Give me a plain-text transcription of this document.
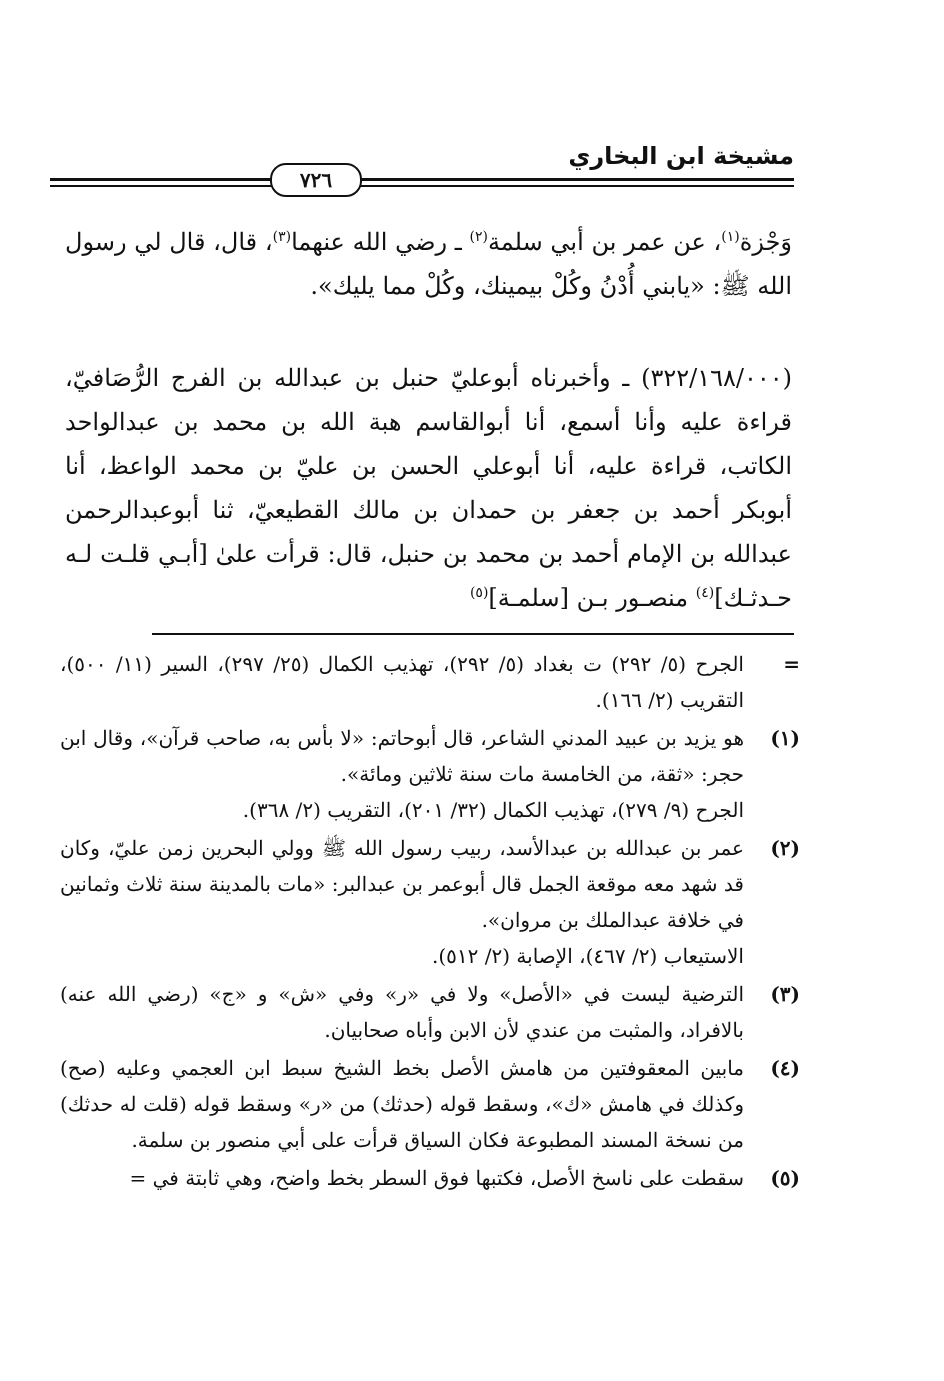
مشيخة ابن البخاري
٧٢٦

وَجْزة$^{(١)}$، عن عمر بن أبي سلمة$^{(٢)}$ ـ رضي الله عنهما$^{(٣)}$، قال، قال لي رسول الله ﷺ: «يابني أُدْنُ وكُلْ بيمينك، وكُلْ مما يليك».

(٣٢٢/١٦٨/٠٠٠) ـ وأخبرناه أبوعليّ حنبل بن عبدالله بن الفرج الرُّصَافيّ، قراءة عليه وأنا أسمع، أنا أبوالقاسم هبة الله بن محمد بن عبدالواحد الكاتب، قراءة عليه، أنا أبوعلي الحسن بن عليّ بن محمد الواعظ، أنا أبوبكر أحمد بن جعفر بن حمدان بن مالك القطيعيّ، ثنا أبوعبدالرحمن عبدالله بن الإمام أحمد بن محمد بن حنبل، قال: قرأت علىٰ [أبـي قلـت لـه حـدثـك]$^{(٤)}$ منصـور بـن [سلمـة]$^{(٥)}$

=
الجرح (٥/ ٢٩٢) ت بغداد (٥/ ٢٩٢)، تهذيب الكمال (٢٥/ ٢٩٧)، السير (١١/ ٥٠٠)، التقريب (٢/ ١٦٦).
(١)
هو يزيد بن عبيد المدني الشاعر، قال أبوحاتم: «لا بأس به، صاحب قرآن»، وقال ابن حجر: «ثقة، من الخامسة مات سنة ثلاثين ومائة».
الجرح (٩/ ٢٧٩)، تهذيب الكمال (٣٢/ ٢٠١)، التقريب (٢/ ٣٦٨).
(٢)
عمر بن عبدالله بن عبدالأسد، ربيب رسول الله ﷺ وولي البحرين زمن عليّ، وكان قد شهد معه موقعة الجمل قال أبوعمر بن عبدالبر: «مات بالمدينة سنة ثلاث وثمانين في خلافة عبدالملك بن مروان».
الاستيعاب (٢/ ٤٦٧)، الإصابة (٢/ ٥١٢).
(٣)
الترضية ليست في «الأصل» ولا في «ر» وفي «ش» و «ج» (رضي الله عنه) بالافراد، والمثبت من عندي لأن الابن وأباه صحابيان.
(٤)
مابين المعقوفتين من هامش الأصل بخط الشيخ سبط ابن العجمي وعليه (صح) وكذلك في هامش «ك»، وسقط قوله (حدثك) من «ر» وسقط قوله (قلت له حدثك) من نسخة المسند المطبوعة فكان السياق قرأت على أبي منصور بن سلمة.
(٥)
سقطت على ناسخ الأصل، فكتبها فوق السطر بخط واضح، وهي ثابتة في =
